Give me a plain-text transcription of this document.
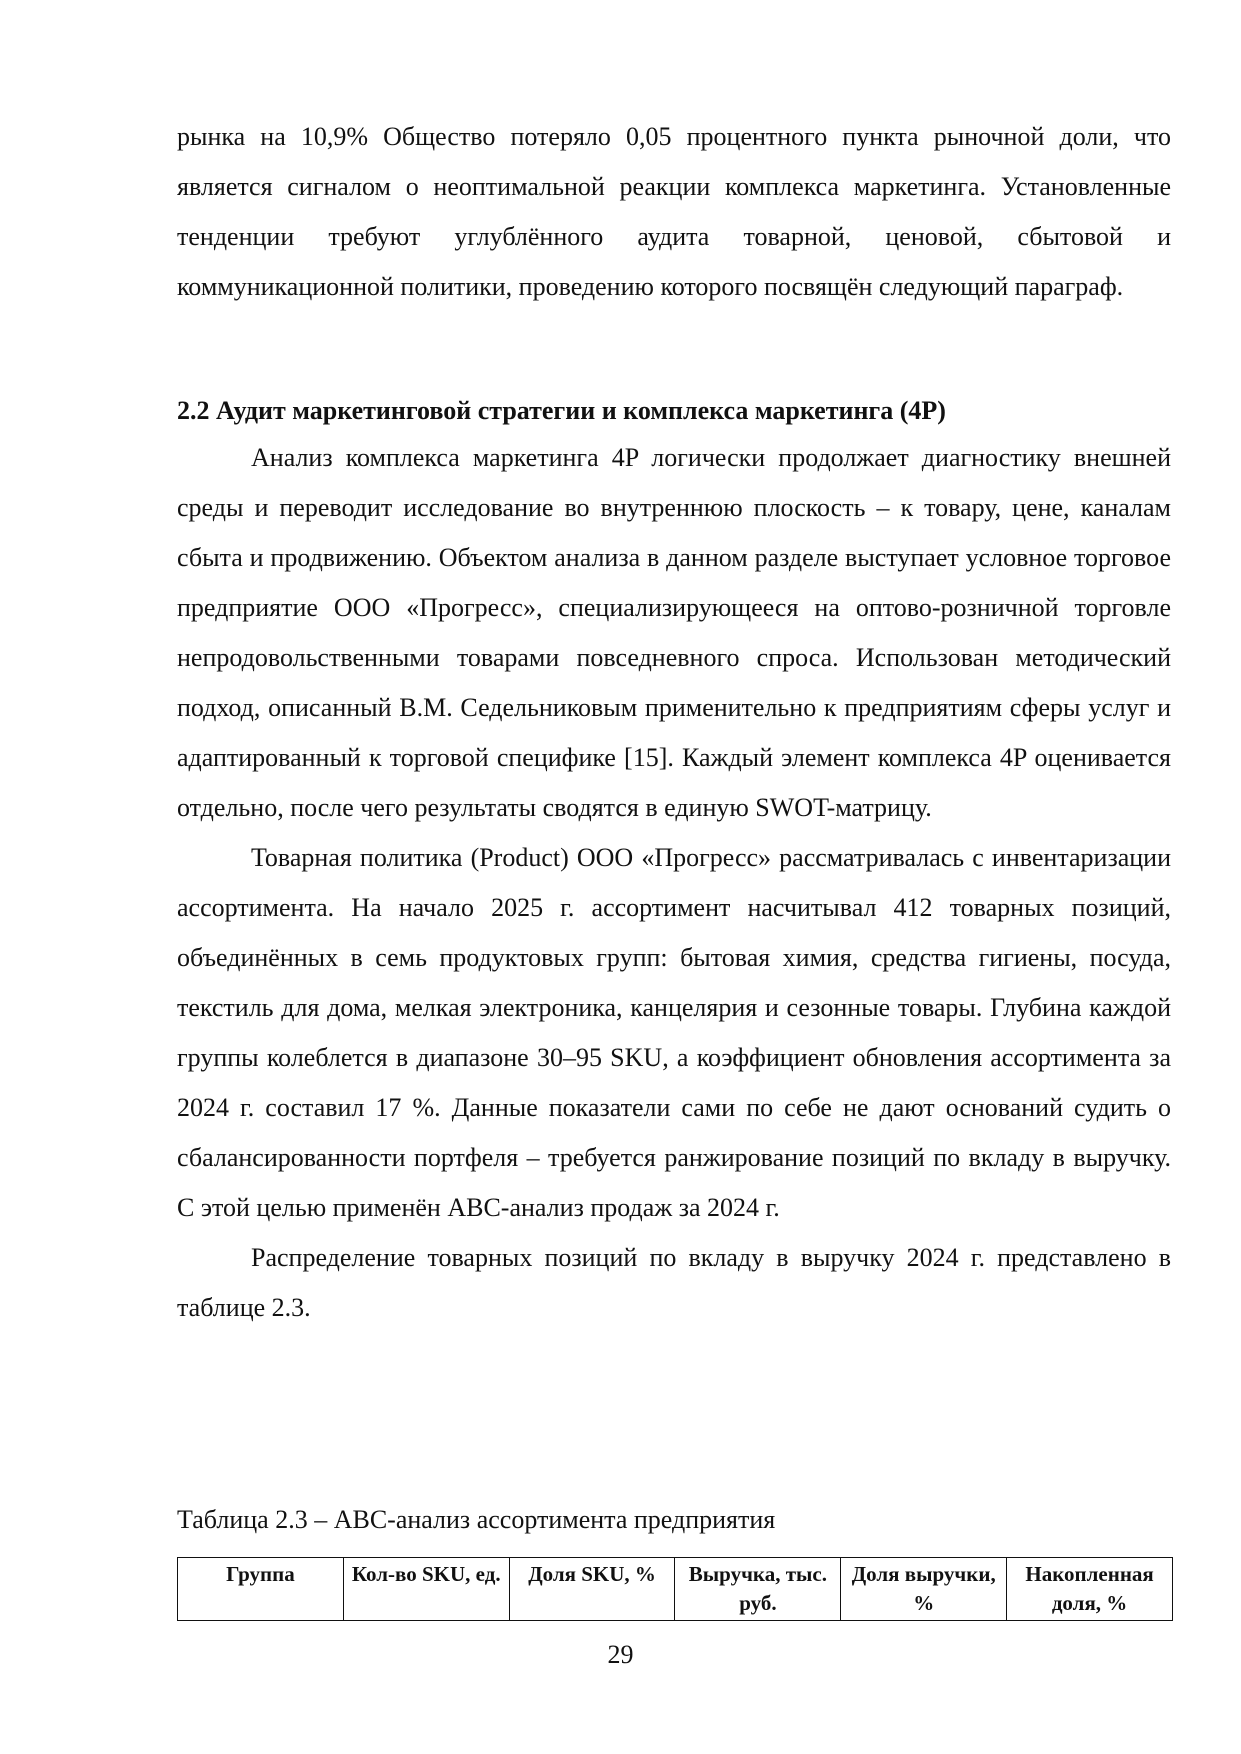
рынка на 10,9% Общество потеряло 0,05 процентного пункта рыночной доли, что является сигналом о неоптимальной реакции комплекса маркетинга. Установленные тенденции требуют углублённого аудита товарной, ценовой, сбытовой и коммуникационной политики, проведению которого посвящён следующий параграф.

2.2 Аудит маркетинговой стратегии и комплекса маркетинга (4P)

Анализ комплекса маркетинга 4P логически продолжает диагностику внешней среды и переводит исследование во внутреннюю плоскость – к товару, цене, каналам сбыта и продвижению. Объектом анализа в данном разделе выступает условное торговое предприятие ООО «Прогресс», специализирующееся на оптово-розничной торговле непродовольственными товарами повседневного спроса. Использован методический подход, описанный В.М. Седельниковым применительно к предприятиям сферы услуг и адаптированный к торговой специфике [15]. Каждый элемент комплекса 4P оценивается отдельно, после чего результаты сводятся в единую SWOT-матрицу.

Товарная политика (Product) ООО «Прогресс» рассматривалась с инвентаризации ассортимента. На начало 2025 г. ассортимент насчитывал 412 товарных позиций, объединённых в семь продуктовых групп: бытовая химия, средства гигиены, посуда, текстиль для дома, мелкая электроника, канцелярия и сезонные товары. Глубина каждой группы колеблется в диапазоне 30–95 SKU, а коэффициент обновления ассортимента за 2024 г. составил 17 %. Данные показатели сами по себе не дают оснований судить о сбалансированности портфеля – требуется ранжирование позиций по вкладу в выручку. С этой целью применён ABC-анализ продаж за 2024 г.

Распределение товарных позиций по вкладу в выручку 2024 г. представлено в таблице 2.3.

Таблица 2.3 – ABC-анализ ассортимента предприятия
Группа	Кол-во SKU, ед.	Доля SKU, %	Выручка, тыс. руб.	Доля выручки, %	Накопленная доля, %
29
